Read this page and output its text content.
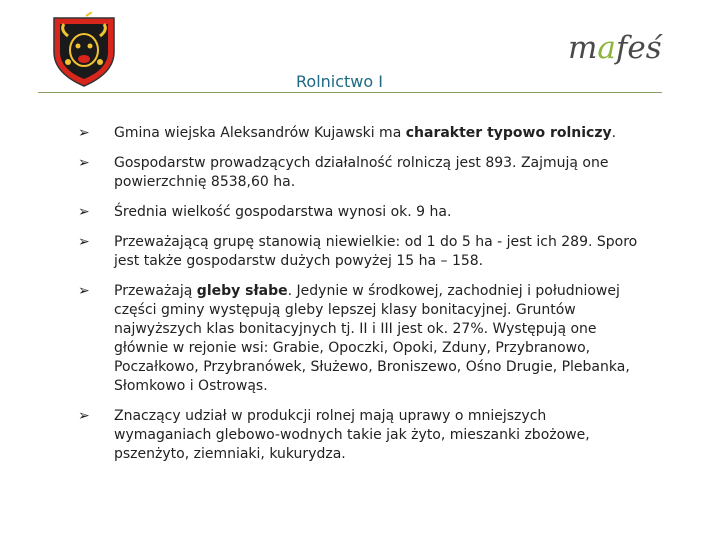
mafeś
Rolnictwo I
➢ Gmina wiejska Aleksandrów Kujawski ma charakter typowo rolniczy.
➢ Gospodarstw prowadzących działalność rolniczą jest 893. Zajmują one powierzchnię 8538,60 ha.
➢ Średnia wielkość gospodarstwa wynosi ok. 9 ha.
➢ Przeważającą grupę stanowią niewielkie: od 1 do 5 ha - jest ich 289. Sporo jest także gospodarstw dużych powyżej 15 ha – 158.
➢ Przeważają gleby słabe. Jedynie w środkowej, zachodniej i południowej części gminy występują gleby lepszej klasy bonitacyjnej. Gruntów najwyższych klas bonitacyjnych tj. II i III jest ok. 27%. Występują one głównie w rejonie wsi: Grabie, Opoczki, Opoki, Zduny, Przybranowo, Poczałkowo, Przybranówek, Służewo, Broniszewo, Ośno Drugie, Plebanka, Słomkowo i Ostrowąs.
➢ Znaczący udział w produkcji rolnej mają uprawy o mniejszych wymaganiach glebowo-wodnych takie jak żyto, mieszanki zbożowe, pszenżyto, ziemniaki, kukurydza.
